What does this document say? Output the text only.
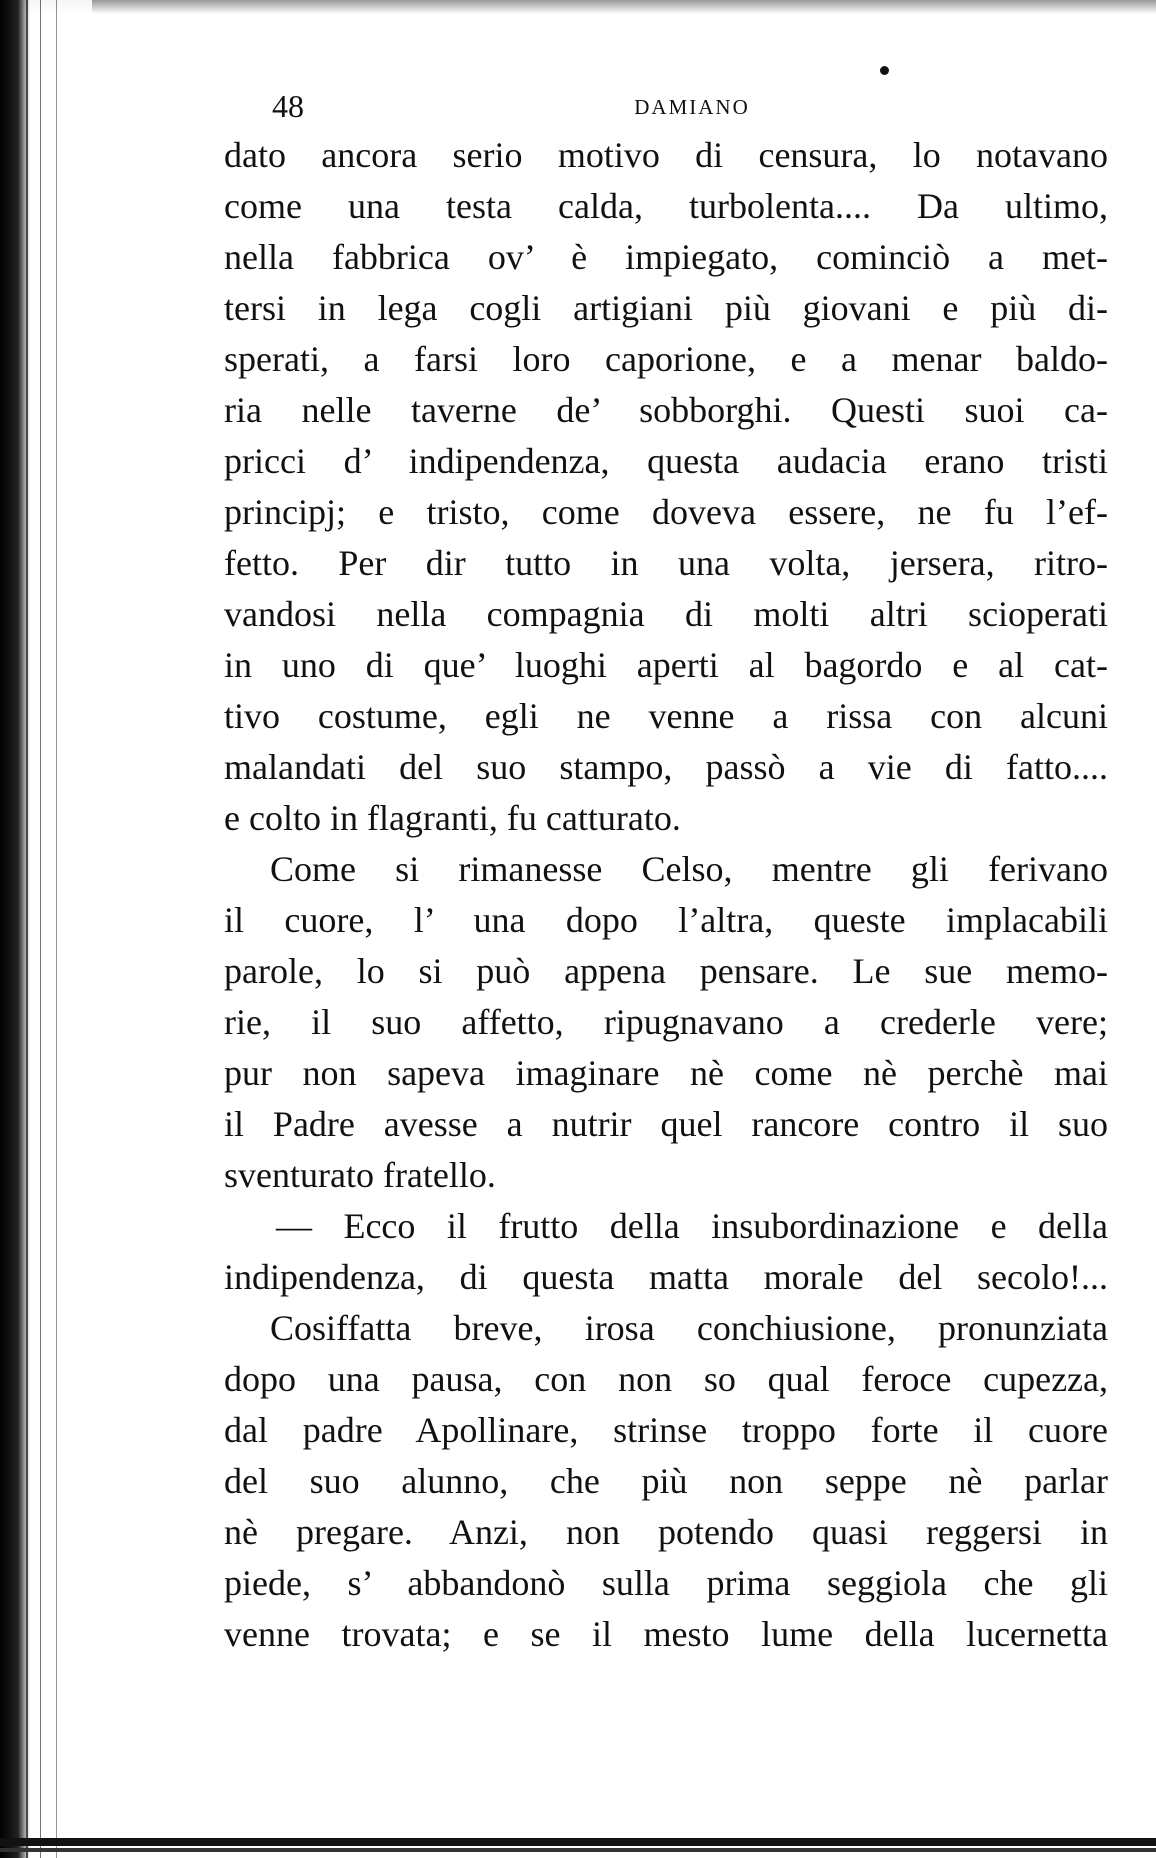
48	DAMIANO
dato ancora serio motivo di censura, lo notavano
come una testa calda, turbolenta.... Da ultimo,
nella fabbrica ov’ è impiegato, cominciò a met-
tersi in lega cogli artigiani più giovani e più di-
sperati, a farsi loro caporione, e a menar baldo-
ria nelle taverne de’ sobborghi. Questi suoi ca-
pricci d’ indipendenza, questa audacia erano tristi
principj; e tristo, come doveva essere, ne fu l’ef-
fetto. Per dir tutto in una volta, jersera, ritro-
vandosi nella compagnia di molti altri scioperati
in uno di que’ luoghi aperti al bagordo e al cat-
tivo costume, egli ne venne a rissa con alcuni
malandati del suo stampo, passò a vie di fatto....
e colto in flagranti, fu catturato.
Come si rimanesse Celso, mentre gli ferivano
il cuore, l’ una dopo l’altra, queste implacabili
parole, lo si può appena pensare. Le sue memo-
rie, il suo affetto, ripugnavano a crederle vere;
pur non sapeva imaginare nè come nè perchè mai
il Padre avesse a nutrir quel rancore contro il suo
sventurato fratello.
— Ecco il frutto della insubordinazione e della
indipendenza, di questa matta morale del secolo!...
Cosiffatta breve, irosa conchiusione, pronunziata
dopo una pausa, con non so qual feroce cupezza,
dal padre Apollinare, strinse troppo forte il cuore
del suo alunno, che più non seppe nè parlar
nè pregare. Anzi, non potendo quasi reggersi in
piede, s’ abbandonò sulla prima seggiola che gli
venne trovata; e se il mesto lume della lucernetta
